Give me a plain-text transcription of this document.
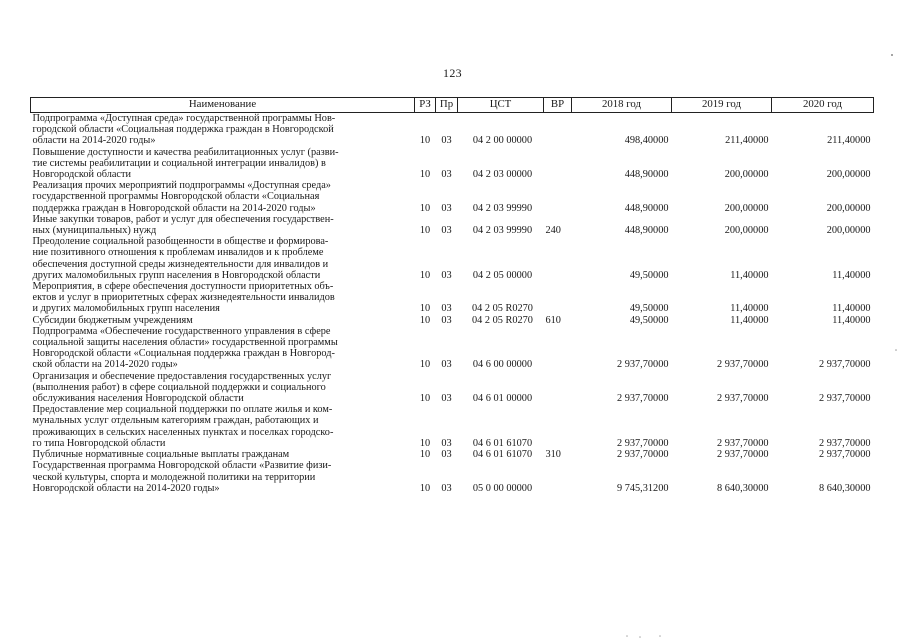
123
Наименование	РЗ	Пр	ЦСТ	ВР	2018 год	2019 год	2020 год

Подпрограмма «Доступная среда» государственной программы Нов-
городской области «Социальная поддержка граждан в Новгородской
области на 2014-2020 годы»	10	03	04 2 00 00000		498,40000	211,40000	211,40000

Повышение доступности и качества реабилитационных услуг (разви-
тие системы реабилитации и социальной интеграции инвалидов) в
Новгородской области	10	03	04 2 03 00000		448,90000	200,00000	200,00000

Реализация прочих мероприятий подпрограммы «Доступная среда»
государственной программы Новгородской области «Социальная
поддержка граждан в Новгородской области на 2014-2020 годы»	10	03	04 2 03 99990		448,90000	200,00000	200,00000

Иные закупки товаров, работ и услуг для обеспечения государствен-
ных (муниципальных) нужд	10	03	04 2 03 99990	240	448,90000	200,00000	200,00000

Преодоление социальной разобщенности в обществе и формирова-
ние позитивного отношения к проблемам инвалидов и к проблеме
обеспечения доступной среды жизнедеятельности для инвалидов и
других маломобильных групп населения в Новгородской области	10	03	04 2 05 00000		49,50000	11,40000	11,40000

Мероприятия, в сфере обеспечения доступности приоритетных объ-
ектов и услуг в приоритетных сферах жизнедеятельности инвалидов
и других маломобильных групп населения	10	03	04 2 05 R0270		49,50000	11,40000	11,40000

Субсидии бюджетным учреждениям	10	03	04 2 05 R0270	610	49,50000	11,40000	11,40000

Подпрограмма «Обеспечение государственного управления в сфере
социальной защиты населения области» государственной программы
Новгородской области «Социальная поддержка граждан в Новгород-
ской области на 2014-2020 годы»	10	03	04 6 00 00000		2 937,70000	2 937,70000	2 937,70000

Организация и обеспечение предоставления государственных услуг
(выполнения работ) в сфере социальной поддержки и социального
обслуживания населения Новгородской области	10	03	04 6 01 00000		2 937,70000	2 937,70000	2 937,70000

Предоставление мер социальной поддержки по оплате жилья и ком-
мунальных услуг отдельным категориям граждан, работающих и
проживающих в сельских населенных пунктах и поселках городско-
го типа Новгородской области	10	03	04 6 01 61070		2 937,70000	2 937,70000	2 937,70000

Публичные нормативные социальные выплаты гражданам	10	03	04 6 01 61070	310	2 937,70000	2 937,70000	2 937,70000

Государственная программа Новгородской области «Развитие физи-
ческой культуры, спорта и молодежной политики на территории
Новгородской области на 2014-2020 годы»	10	03	05 0 00 00000		9 745,31200	8 640,30000	8 640,30000
